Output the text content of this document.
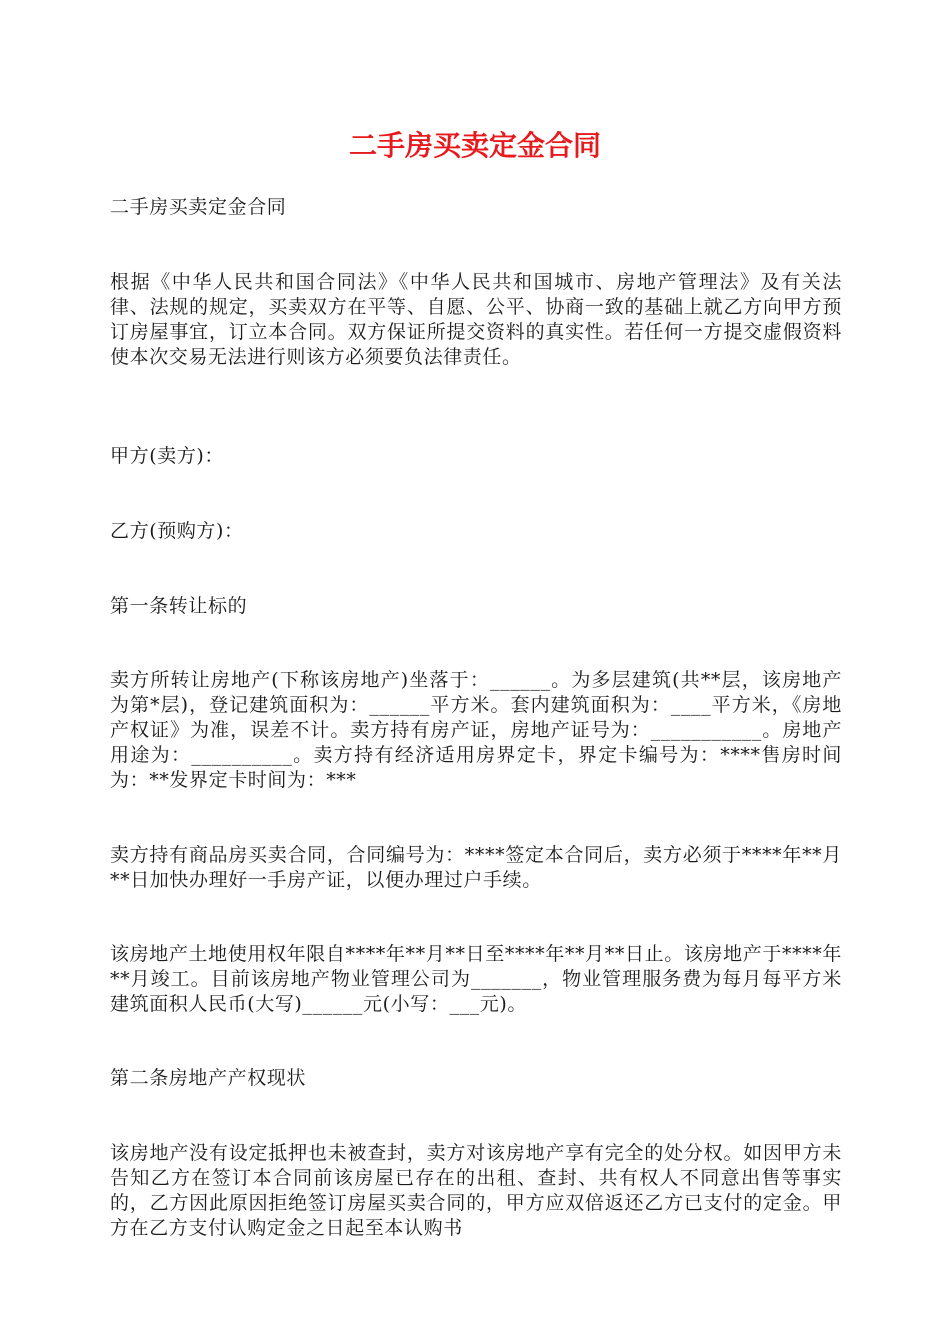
二手房买卖定金合同

二手房买卖定金合同

根据《中华人民共和国合同法》《中华人民共和国城市、房地产管理法》及有关法律、法规的规定，买卖双方在平等、自愿、公平、协商一致的基础上就乙方向甲方预订房屋事宜，订立本合同。双方保证所提交资料的真实性。若任何一方提交虚假资料使本次交易无法进行则该方必须要负法律责任。

甲方(卖方)：

乙方(预购方)：

第一条转让标的

卖方所转让房地产(下称该房地产)坐落于：______。为多层建筑(共**层，该房地产为第*层)，登记建筑面积为：______平方米。套内建筑面积为：____平方米，《房地产权证》为准，误差不计。卖方持有房产证，房地产证号为：___________。房地产用途为：__________。卖方持有经济适用房界定卡，界定卡编号为：****售房时间为：**发界定卡时间为：***

卖方持有商品房买卖合同，合同编号为：****签定本合同后，卖方必须于****年**月**日加快办理好一手房产证，以便办理过户手续。

该房地产土地使用权年限自****年**月**日至****年**月**日止。该房地产于****年**月竣工。目前该房地产物业管理公司为_______，物业管理服务费为每月每平方米建筑面积人民币(大写)______元(小写：___元)。

第二条房地产产权现状

该房地产没有设定抵押也未被查封，卖方对该房地产享有完全的处分权。如因甲方未告知乙方在签订本合同前该房屋已存在的出租、查封、共有权人不同意出售等事实的，乙方因此原因拒绝签订房屋买卖合同的，甲方应双倍返还乙方已支付的定金。甲方在乙方支付认购定金之日起至本认购书
